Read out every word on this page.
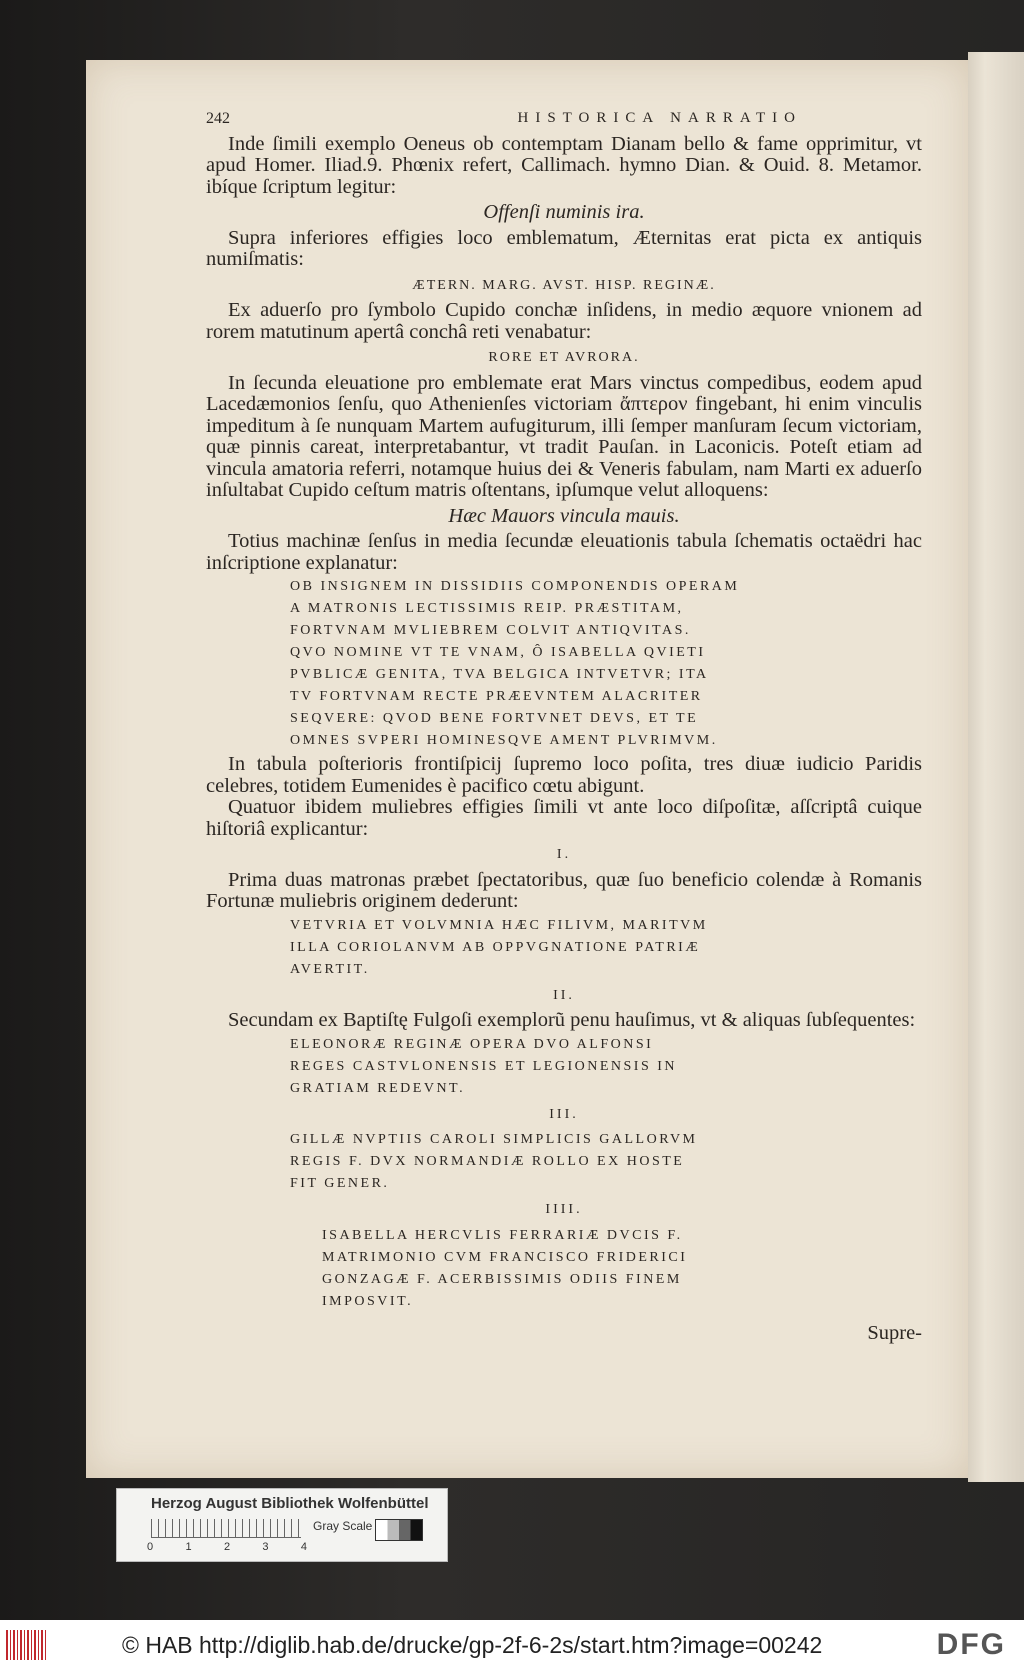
242	HISTORICA NARRATIO

Inde ſimili exemplo Oeneus ob contemptam Dianam bello & fame opprimitur, vt apud Homer. Iliad.9. Phœnix refert, Callimach. hymno Dian. & Ouid. 8. Metamor. ibíque ſcriptum legitur:

Offenſi numinis ira.

Supra inferiores effigies loco emblematum, Æternitas erat picta ex antiquis numiſmatis:

ÆTERN. MARG. AVST. HISP. REGINÆ.

Ex aduerſo pro ſymbolo Cupido conchæ inſidens, in medio æquore vnionem ad rorem matutinum apertâ conchâ reti venabatur:

RORE ET AVRORA.

In ſecunda eleuatione pro emblemate erat Mars vinctus compedibus, eodem apud Lacedæmonios ſenſu, quo Athenienſes victoriam ἄπτερον fingebant, hi enim vinculis impeditum à ſe nunquam Martem aufugiturum, illi ſemper manſuram ſecum victoriam, quæ pinnis careat, interpretabantur, vt tradit Pauſan. in Laconicis. Poteſt etiam ad vincula amatoria referri, notamque huius dei & Veneris fabulam, nam Marti ex aduerſo inſultabat Cupido ceſtum matris oſtentans, ipſumque velut alloquens:

Hæc Mauors vincula mauis.

Totius machinæ ſenſus in media ſecundæ eleuationis tabula ſchematis octaëdri hac inſcriptione explanatur:

OB INSIGNEM IN DISSIDIIS COMPONENDIS OPERAM
A MATRONIS LECTISSIMIS REIP. PRÆSTITAM,
FORTVNAM MVLIEBREM COLVIT ANTIQVITAS.
QVO NOMINE VT TE VNAM, Ô ISABELLA QVIETI
PVBLICÆ GENITA, TVA BELGICA INTVETVR; ITA
TV FORTVNAM RECTE PRÆEVNTEM ALACRITER
SEQVERE: QVOD BENE FORTVNET DEVS, ET TE
OMNES SVPERI HOMINESQVE AMENT PLVRIMVM.

In tabula poſterioris frontiſpicij ſupremo loco poſita, tres diuæ iudicio Paridis celebres, totidem Eumenides è pacifico cœtu abigunt.

Quatuor ibidem muliebres effigies ſimili vt ante loco diſpoſitæ, aſſcriptâ cuique hiſtoriâ explicantur:

I.

Prima duas matronas præbet ſpectatoribus, quæ ſuo beneficio colendæ à Romanis Fortunæ muliebris originem dederunt:

VETVRIA ET VOLVMNIA HÆC FILIVM, MARITVM
ILLA CORIOLANVM AB OPPVGNATIONE PATRIÆ
AVERTIT.

II.

Secundam ex Baptiſtę Fulgoſi exemplorũ penu hauſimus, vt & aliquas ſubſequentes:

ELEONORÆ REGINÆ OPERA DVO ALFONSI
REGES CASTVLONENSIS ET LEGIONENSIS IN
GRATIAM REDEVNT.

III.

GILLÆ NVPTIIS CAROLI SIMPLICIS GALLORVM
REGIS F. DVX NORMANDIÆ ROLLO EX HOSTE
FIT GENER.

IIII.

ISABELLA HERCVLIS FERRARIÆ DVCIS F.
MATRIMONIO CVM FRANCISCO FRIDERICI
GONZAGÆ F. ACERBISSIMIS ODIIS FINEM
IMPOSVIT.
Supre-
Herzog August Bibliothek Wolfenbüttel
0	1	2	3	4
Gray Scale
© HAB http://diglib.hab.de/drucke/gp-2f-6-2s/start.htm?image=00242	DFG
